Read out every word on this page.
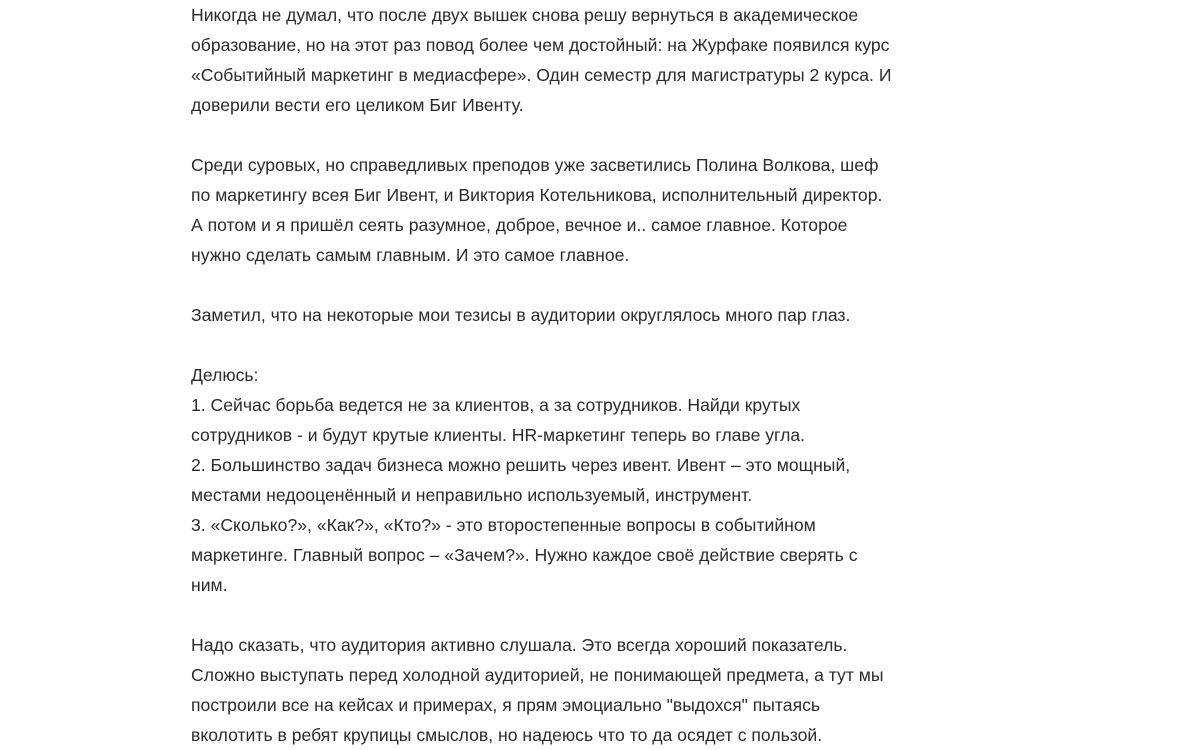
Никогда не думал, что после двух вышек снова решу вернуться в академическое
образование, но на этот раз повод более чем достойный: на Журфаке появился курс
«Событийный маркетинг в медиасфере». Один семестр для магистратуры 2 курса. И
доверили вести его целиком Биг Ивенту.
Среди суровых, но справедливых преподов уже засветились Полина Волкова, шеф
по маркетингу всея Биг Ивент, и Виктория Котельникова, исполнительный директор.
А потом и я пришёл сеять разумное, доброе, вечное и.. самое главное. Которое
нужно сделать самым главным. И это самое главное.
Заметил, что на некоторые мои тезисы в аудитории округлялось много пар глаз.
Делюсь:
1. Сейчас борьба ведется не за клиентов, а за сотрудников. Найди крутых
сотрудников - и будут крутые клиенты. HR-маркетинг теперь во главе угла.
2. Большинство задач бизнеса можно решить через ивент. Ивент – это мощный,
местами недооценённый и неправильно используемый, инструмент.
3. «Сколько?», «Как?», «Кто?» - это второстепенные вопросы в событийном
маркетинге. Главный вопрос – «Зачем?». Нужно каждое своё действие сверять с
ним.
Надо сказать, что аудитория активно слушала. Это всегда хороший показатель.
Сложно выступать перед холодной аудиторией, не понимающей предмета, а тут мы
построили все на кейсах и примерах, я прям эмоциально "выдохся" пытаясь
вколотить в ребят крупицы смыслов, но надеюсь что то да осядет с пользой.
